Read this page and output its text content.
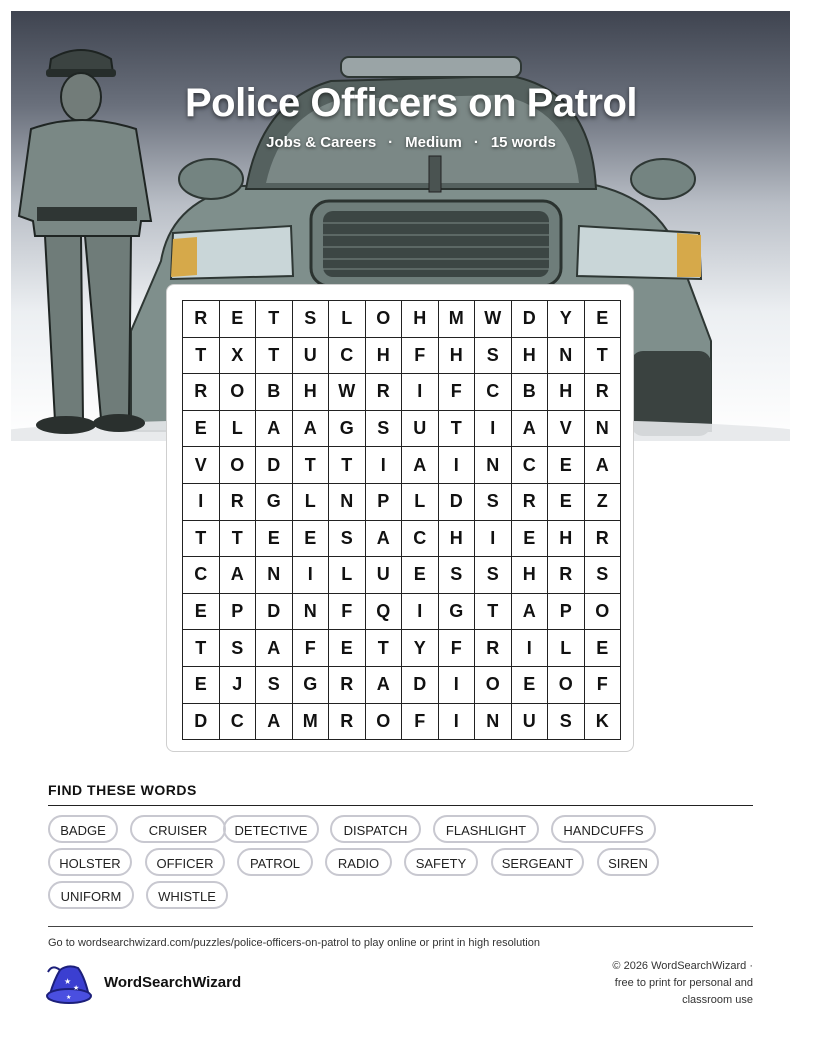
Police Officers on Patrol
Jobs & Careers · Medium · 15 words
R	E	T	S	L	O	H	M	W	D	Y	E
T	X	T	U	C	H	F	H	S	H	N	T
R	O	B	H	W	R	I	F	C	B	H	R
E	L	A	A	G	S	U	T	I	A	V	N
V	O	D	T	T	I	A	I	N	C	E	A
I	R	G	L	N	P	L	D	S	R	E	Z
T	T	E	E	S	A	C	H	I	E	H	R
C	A	N	I	L	U	E	S	S	H	R	S
E	P	D	N	F	Q	I	G	T	A	P	O
T	S	A	F	E	T	Y	F	R	I	L	E
E	J	S	G	R	A	D	I	O	E	O	F
D	C	A	M	R	O	F	I	N	U	S	K
FIND THESE WORDS
BADGE	CRUISER	DETECTIVE	DISPATCH	FLASHLIGHT	HANDCUFFS
HOLSTER	OFFICER	PATROL	RADIO	SAFETY	SERGEANT	SIREN
UNIFORM	WHISTLE
Go to wordsearchwizard.com/puzzles/police-officers-on-patrol to play online or print in high resolution
★
★
★
WordSearchWizard
© 2026 WordSearchWizard ·
free to print for personal and
classroom use
